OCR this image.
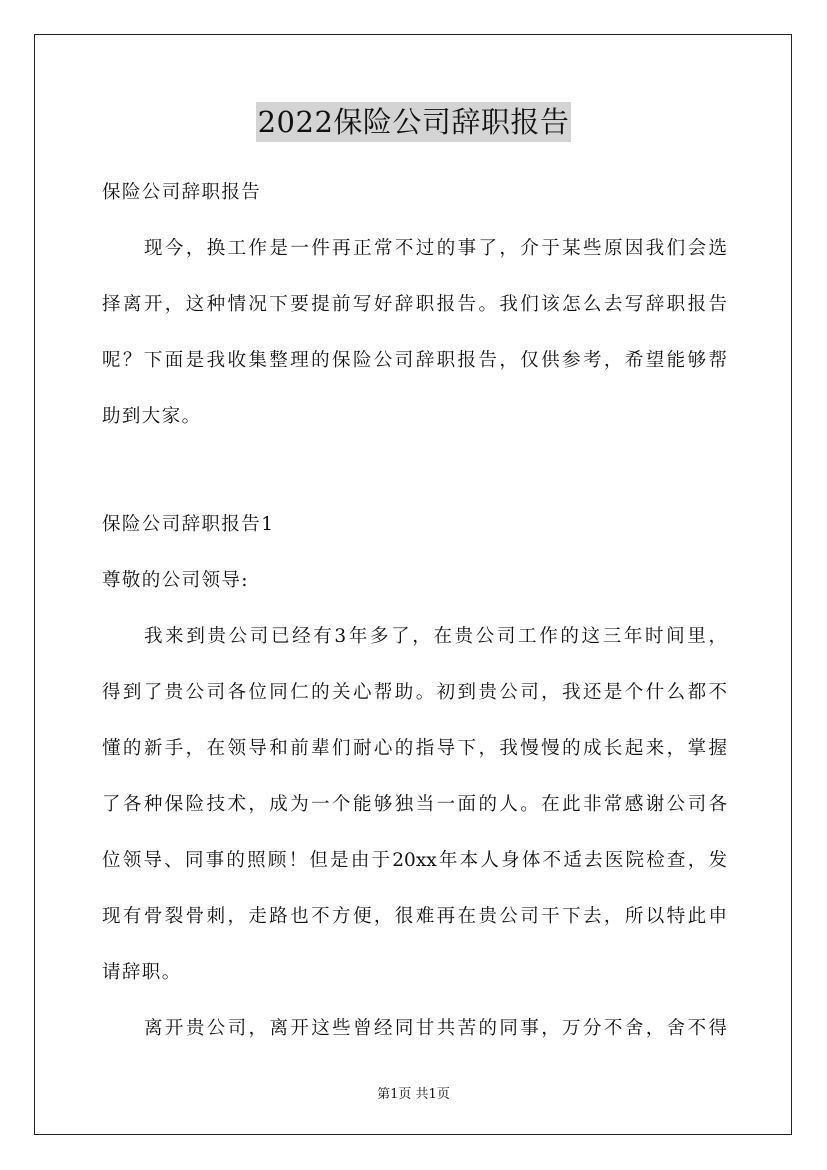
2022保险公司辞职报告
保险公司辞职报告
现今，换工作是一件再正常不过的事了，介于某些原因我们会选
择离开，这种情况下要提前写好辞职报告。我们该怎么去写辞职报告
呢？下面是我收集整理的保险公司辞职报告，仅供参考，希望能够帮
助到大家。
保险公司辞职报告1
尊敬的公司领导:
我来到贵公司已经有3年多了，在贵公司工作的这三年时间里，
得到了贵公司各位同仁的关心帮助。初到贵公司，我还是个什么都不
懂的新手，在领导和前辈们耐心的指导下，我慢慢的成长起来，掌握
了各种保险技术，成为一个能够独当一面的人。在此非常感谢公司各
位领导、同事的照顾！但是由于20xx年本人身体不适去医院检查，发
现有骨裂骨刺，走路也不方便，很难再在贵公司干下去，所以特此申
请辞职。
离开贵公司，离开这些曾经同甘共苦的同事，万分不舍，舍不得
第1页 共1页
